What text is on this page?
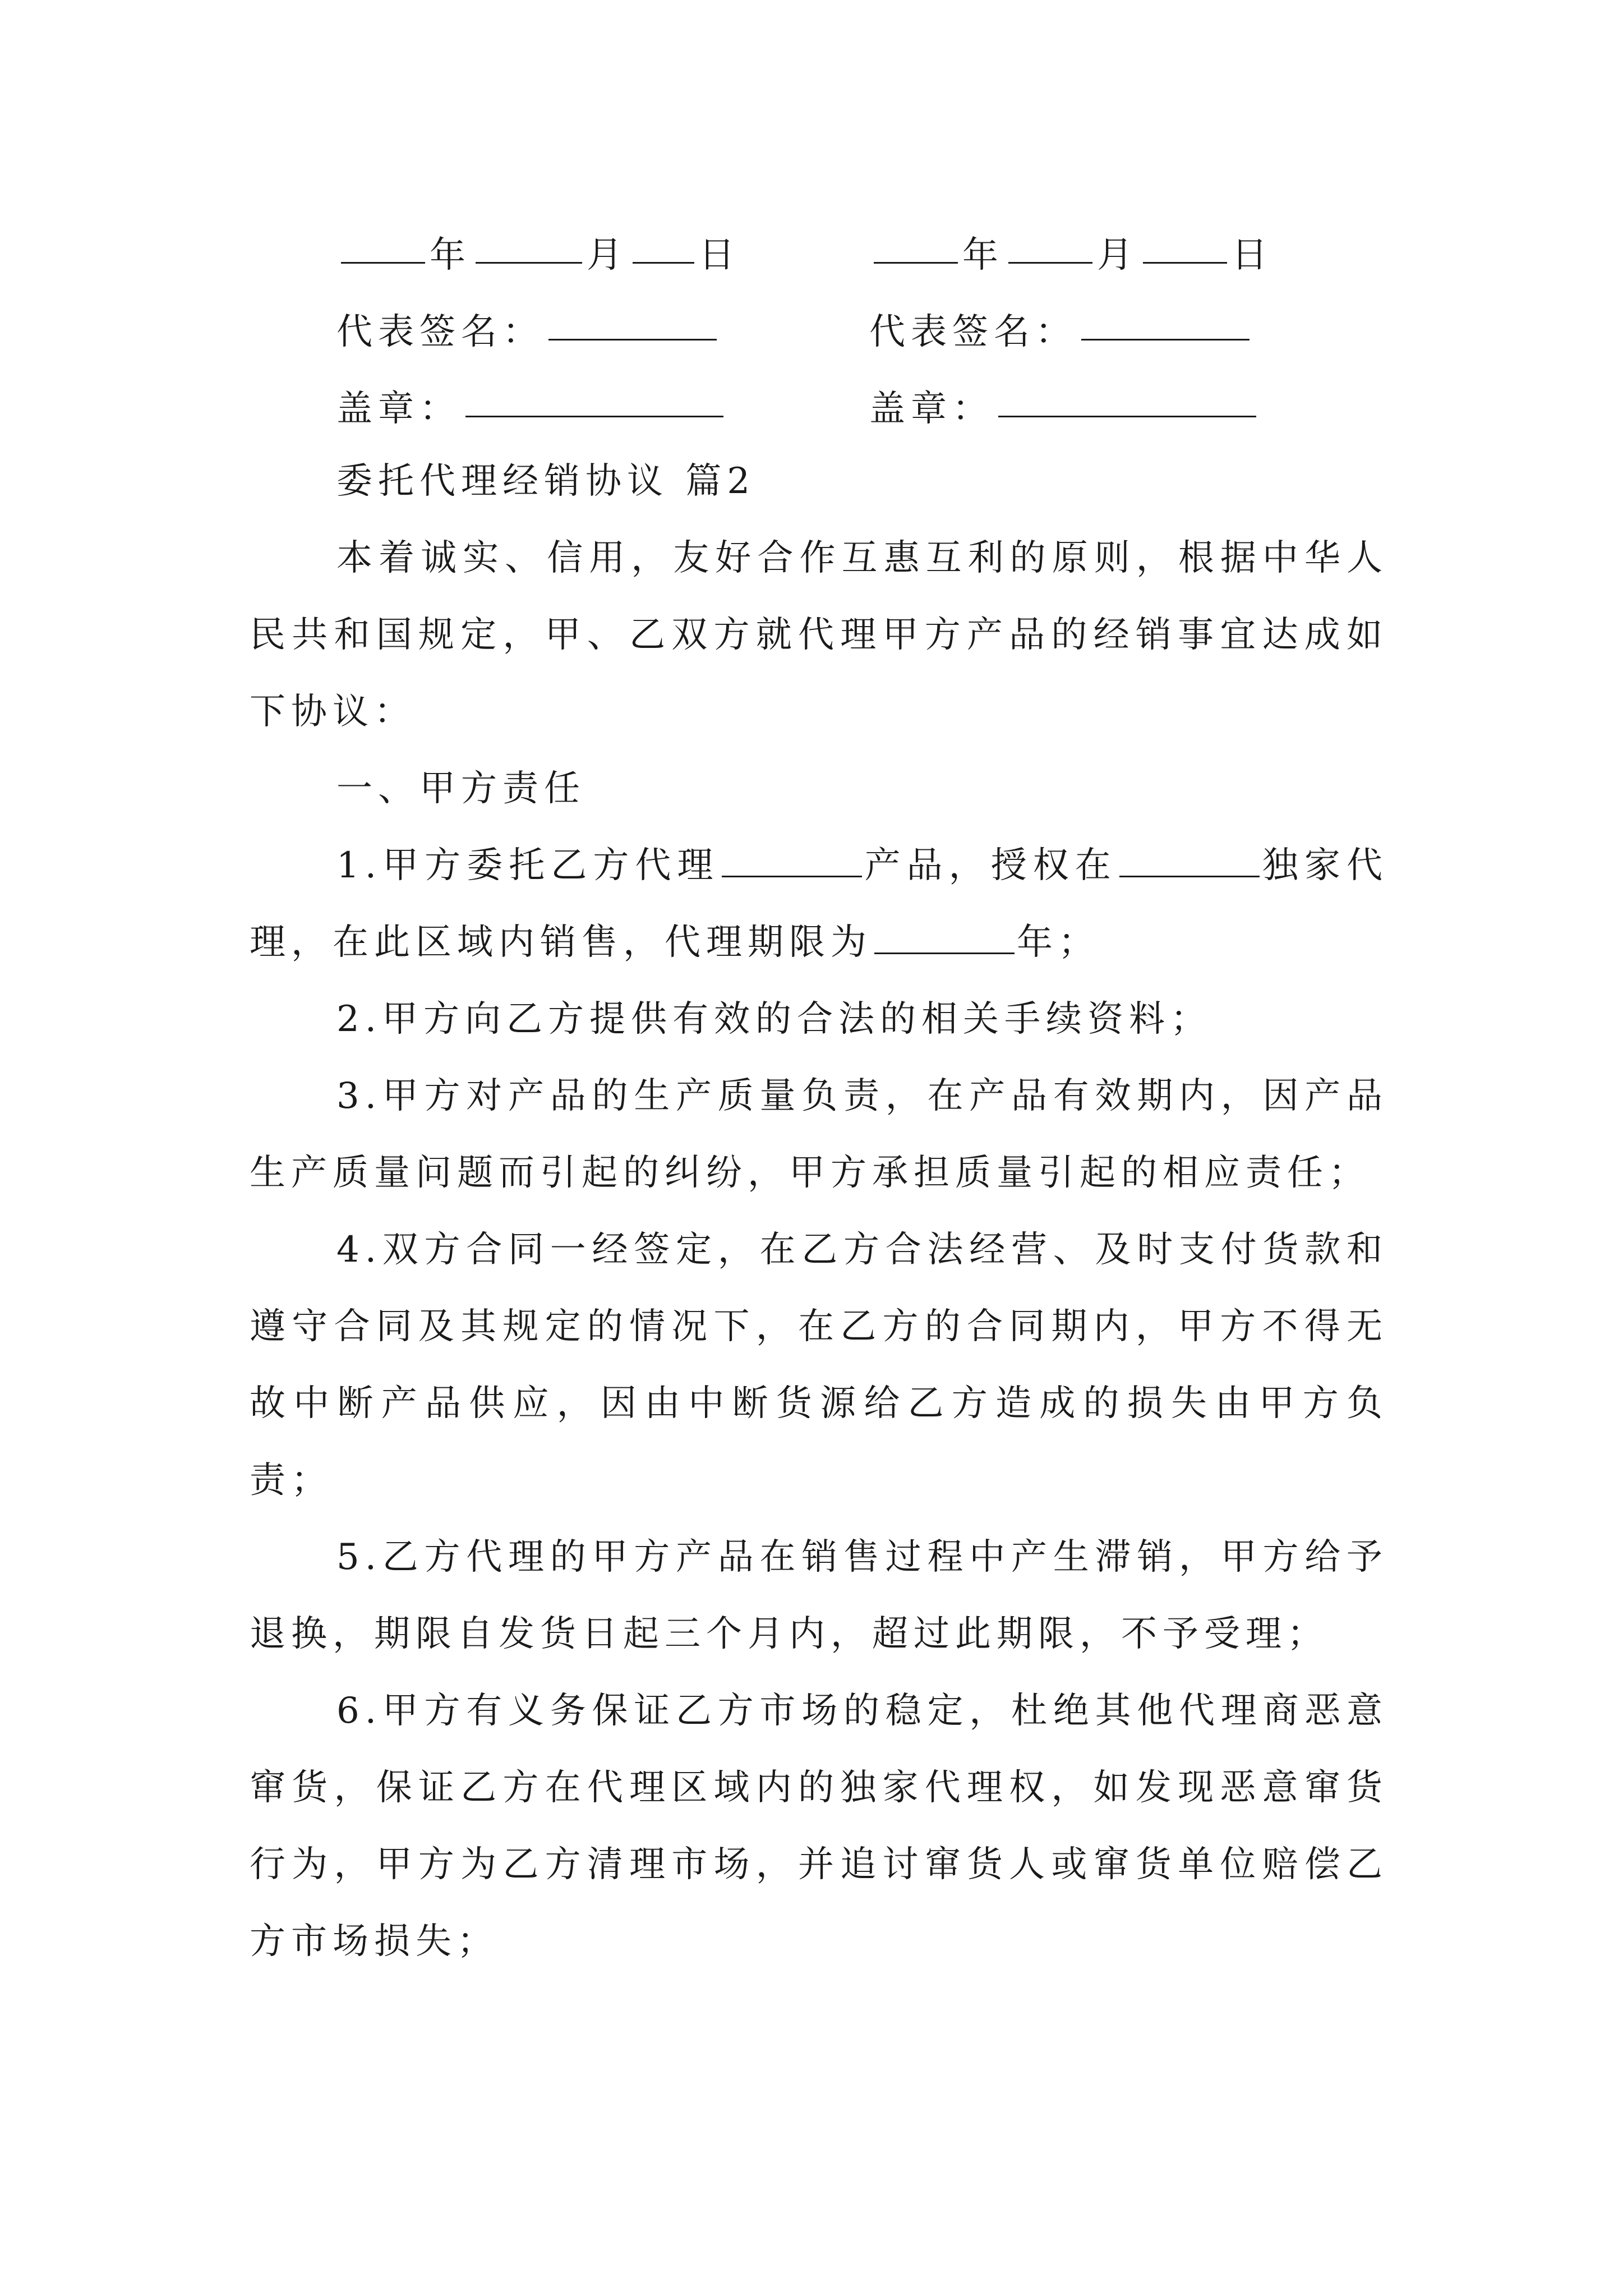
年	月 日	年	月	日
代表签名：	代表签名：
盖章：	盖章：

委托代理经销协议 篇2

本着诚实、信用，友好合作互惠互利的原则，根据中华人民共和国规定，甲、乙双方就代理甲方产品的经销事宜达成如下协议：

一、甲方责任

1.甲方委托乙方代理	产品，授权在	独家代理，在此区域内销售，代理期限为	年；

2.甲方向乙方提供有效的合法的相关手续资料；

3.甲方对产品的生产质量负责，在产品有效期内，因产品生产质量问题而引起的纠纷，甲方承担质量引起的相应责任；

4.双方合同一经签定，在乙方合法经营、及时支付货款和遵守合同及其规定的情况下，在乙方的合同期内，甲方不得无故中断产品供应，因由中断货源给乙方造成的损失由甲方负责；

5.乙方代理的甲方产品在销售过程中产生滞销，甲方给予退换，期限自发货日起三个月内，超过此期限，不予受理；

6.甲方有义务保证乙方市场的稳定，杜绝其他代理商恶意窜货，保证乙方在代理区域内的独家代理权，如发现恶意窜货行为，甲方为乙方清理市场，并追讨窜货人或窜货单位赔偿乙方市场损失；
